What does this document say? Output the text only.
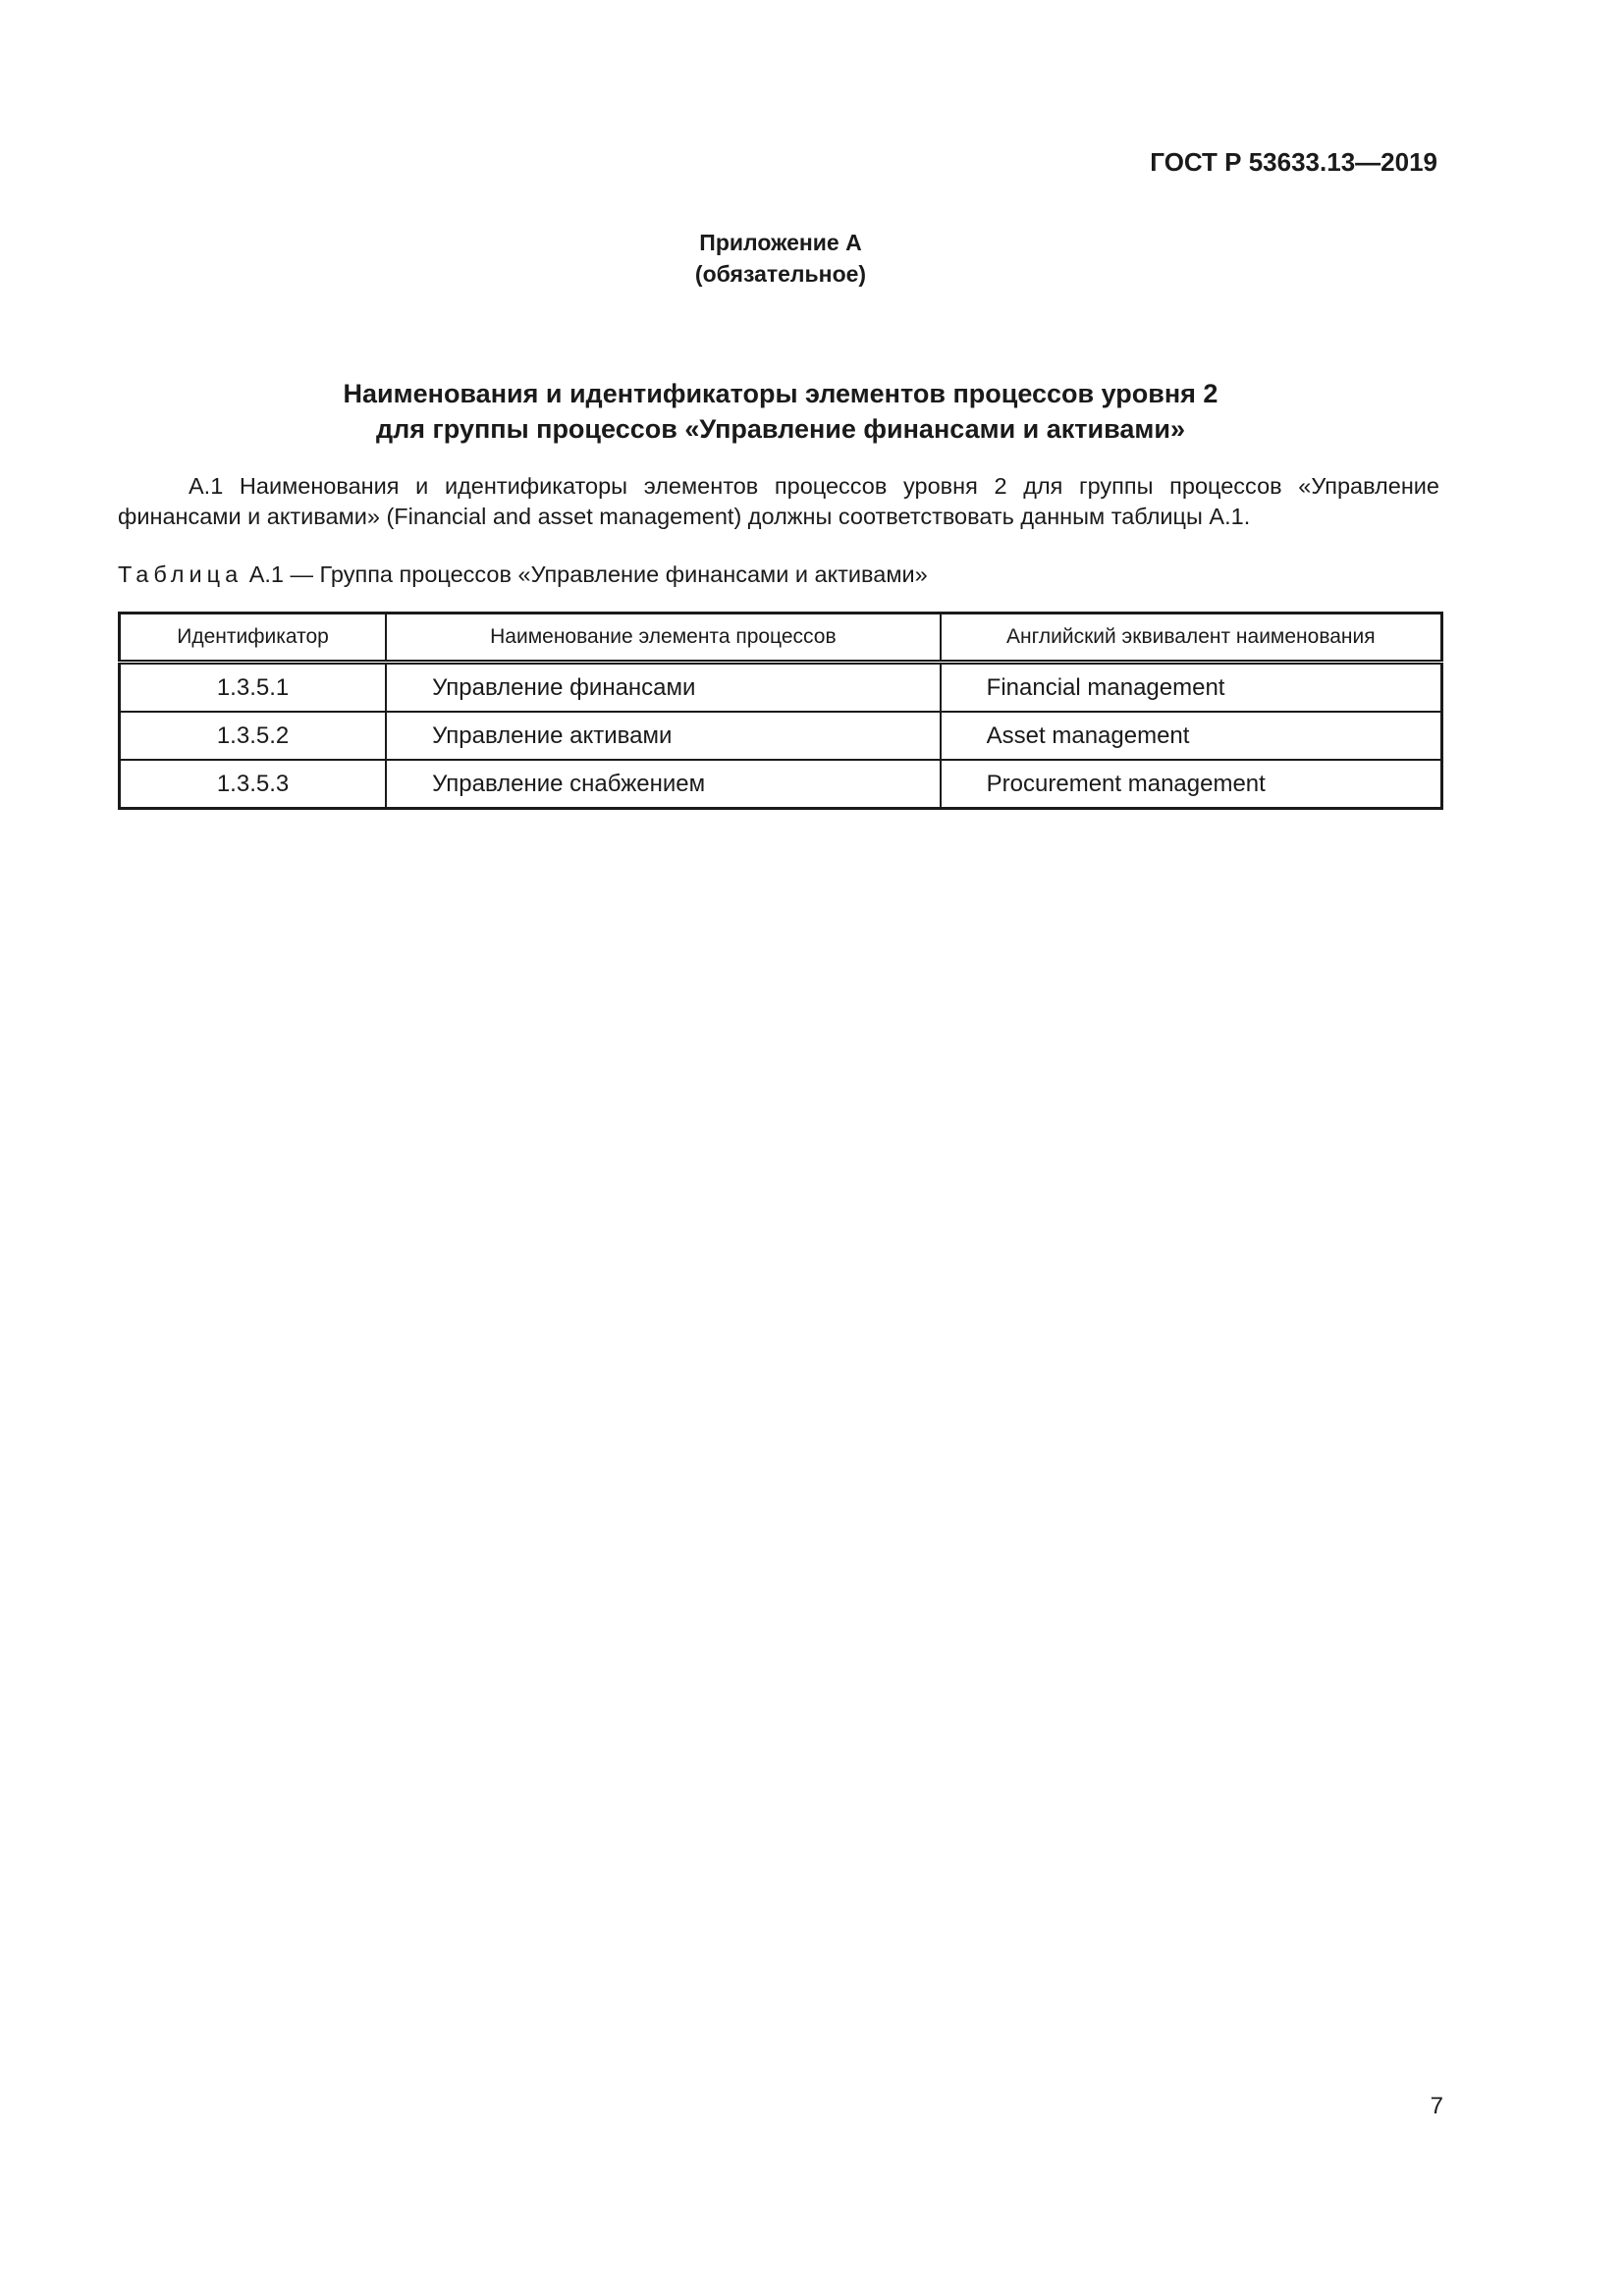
ГОСТ Р 53633.13—2019
Приложение А
(обязательное)
Наименования и идентификаторы элементов процессов уровня 2
для группы процессов «Управление финансами и активами»
А.1 Наименования и идентификаторы элементов процессов уровня 2 для группы процессов «Управление финансами и активами» (Financial and asset management) должны соответствовать данным таблицы А.1.
Таблица А.1 — Группа процессов «Управление финансами и активами»
Идентификатор	Наименование элемента процессов	Английский эквивалент наименования
1.3.5.1	Управление финансами	Financial management
1.3.5.2	Управление активами	Asset management
1.3.5.3	Управление снабжением	Procurement management
7
